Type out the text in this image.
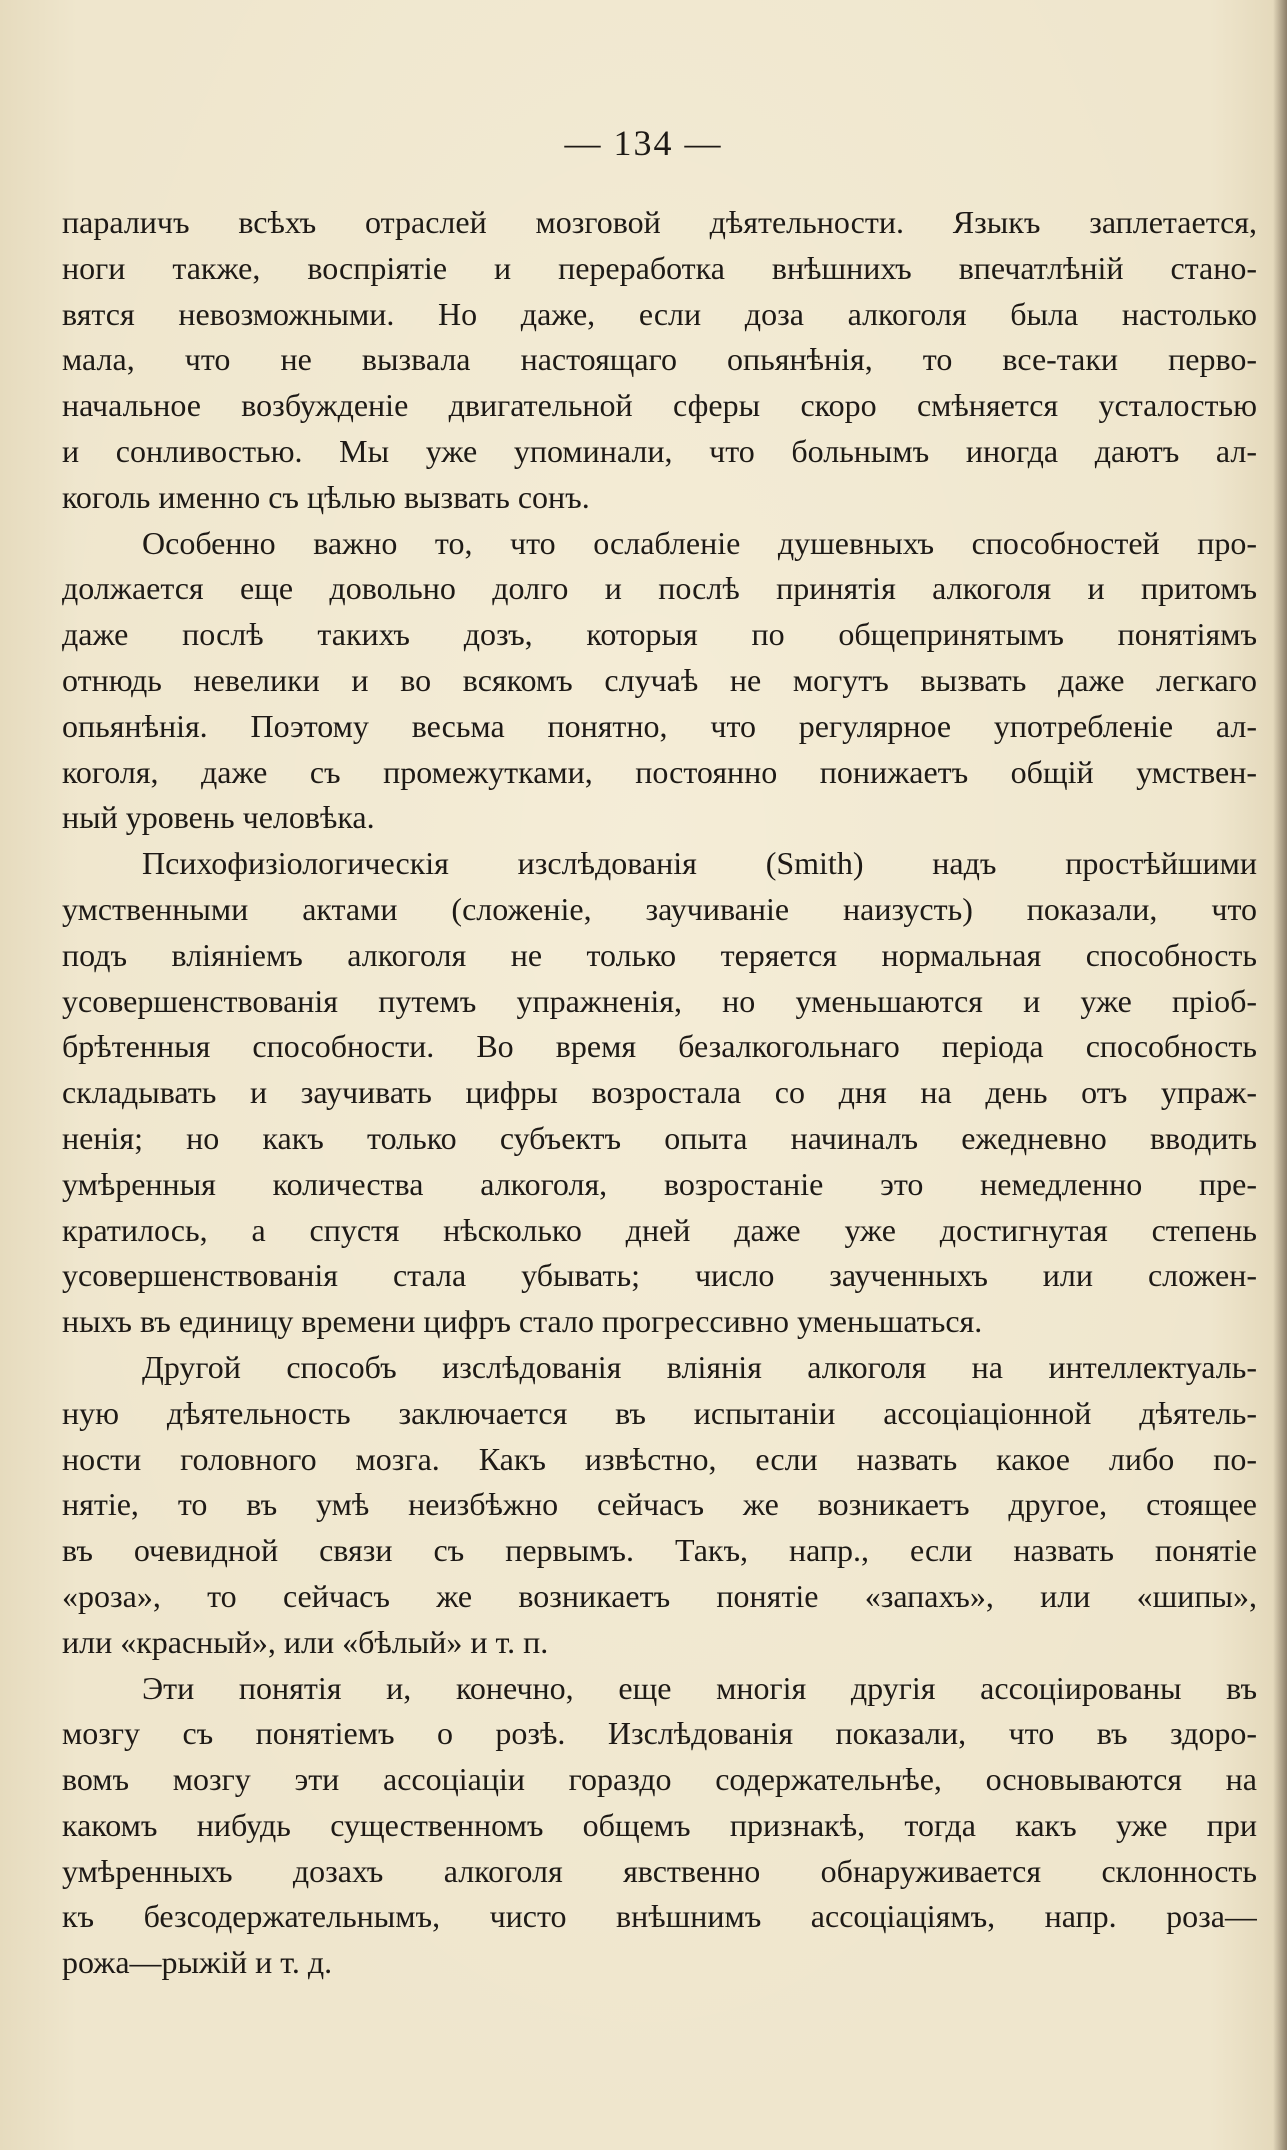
— 134 —
параличъ всѣхъ отраслей мозговой дѣятельности. Языкъ заплетается,
ноги также, воспріятіе и переработка внѣшнихъ впечатлѣній стано-
вятся невозможными. Но даже, если доза алкоголя была настолько
мала, что не вызвала настоящаго опьянѣнія, то все-таки перво-
начальное возбужденіе двигательной сферы скоро смѣняется усталостью
и сонливостью. Мы уже упоминали, что больнымъ иногда даютъ ал-
коголь именно съ цѣлью вызвать сонъ.
Особенно важно то, что ослабленіе душевныхъ способностей про-
должается еще довольно долго и послѣ принятія алкоголя и притомъ
даже послѣ такихъ дозъ, которыя по общепринятымъ понятіямъ
отнюдь невелики и во всякомъ случаѣ не могутъ вызвать даже легкаго
опьянѣнія. Поэтому весьма понятно, что регулярное употребленіе ал-
коголя, даже съ промежутками, постоянно понижаетъ общій умствен-
ный уровень человѣка.
Психофизіологическія изслѣдованія (Smith) надъ простѣйшими
умственными актами (сложеніе, заучиваніе наизусть) показали, что
подъ вліяніемъ алкоголя не только теряется нормальная способность
усовершенствованія путемъ упражненія, но уменьшаются и уже пріоб-
брѣтенныя способности. Во время безалкогольнаго періода способность
складывать и заучивать цифры возростала со дня на день отъ упраж-
ненія; но какъ только субъектъ опыта начиналъ ежедневно вводить
умѣренныя количества алкоголя, возростаніе это немедленно пре-
кратилось, а спустя нѣсколько дней даже уже достигнутая степень
усовершенствованія стала убывать; число заученныхъ или сложен-
ныхъ въ единицу времени цифръ стало прогрессивно уменьшаться.
Другой способъ изслѣдованія вліянія алкоголя на интеллектуаль-
ную дѣятельность заключается въ испытаніи ассоціаціонной дѣятель-
ности головного мозга. Какъ извѣстно, если назвать какое либо по-
нятіе, то въ умѣ неизбѣжно сейчасъ же возникаетъ другое, стоящее
въ очевидной связи съ первымъ. Такъ, напр., если назвать понятіе
«роза», то сейчасъ же возникаетъ понятіе «запахъ», или «шипы»,
или «красный», или «бѣлый» и т. п.
Эти понятія и, конечно, еще многія другія ассоціированы въ
мозгу съ понятіемъ о розѣ. Изслѣдованія показали, что въ здоро-
вомъ мозгу эти ассоціаціи гораздо содержательнѣе, основываются на
какомъ нибудь существенномъ общемъ признакѣ, тогда какъ уже при
умѣренныхъ дозахъ алкоголя явственно обнаруживается склонность
къ безсодержательнымъ, чисто внѣшнимъ ассоціаціямъ, напр. роза—
рожа—рыжій и т. д.
